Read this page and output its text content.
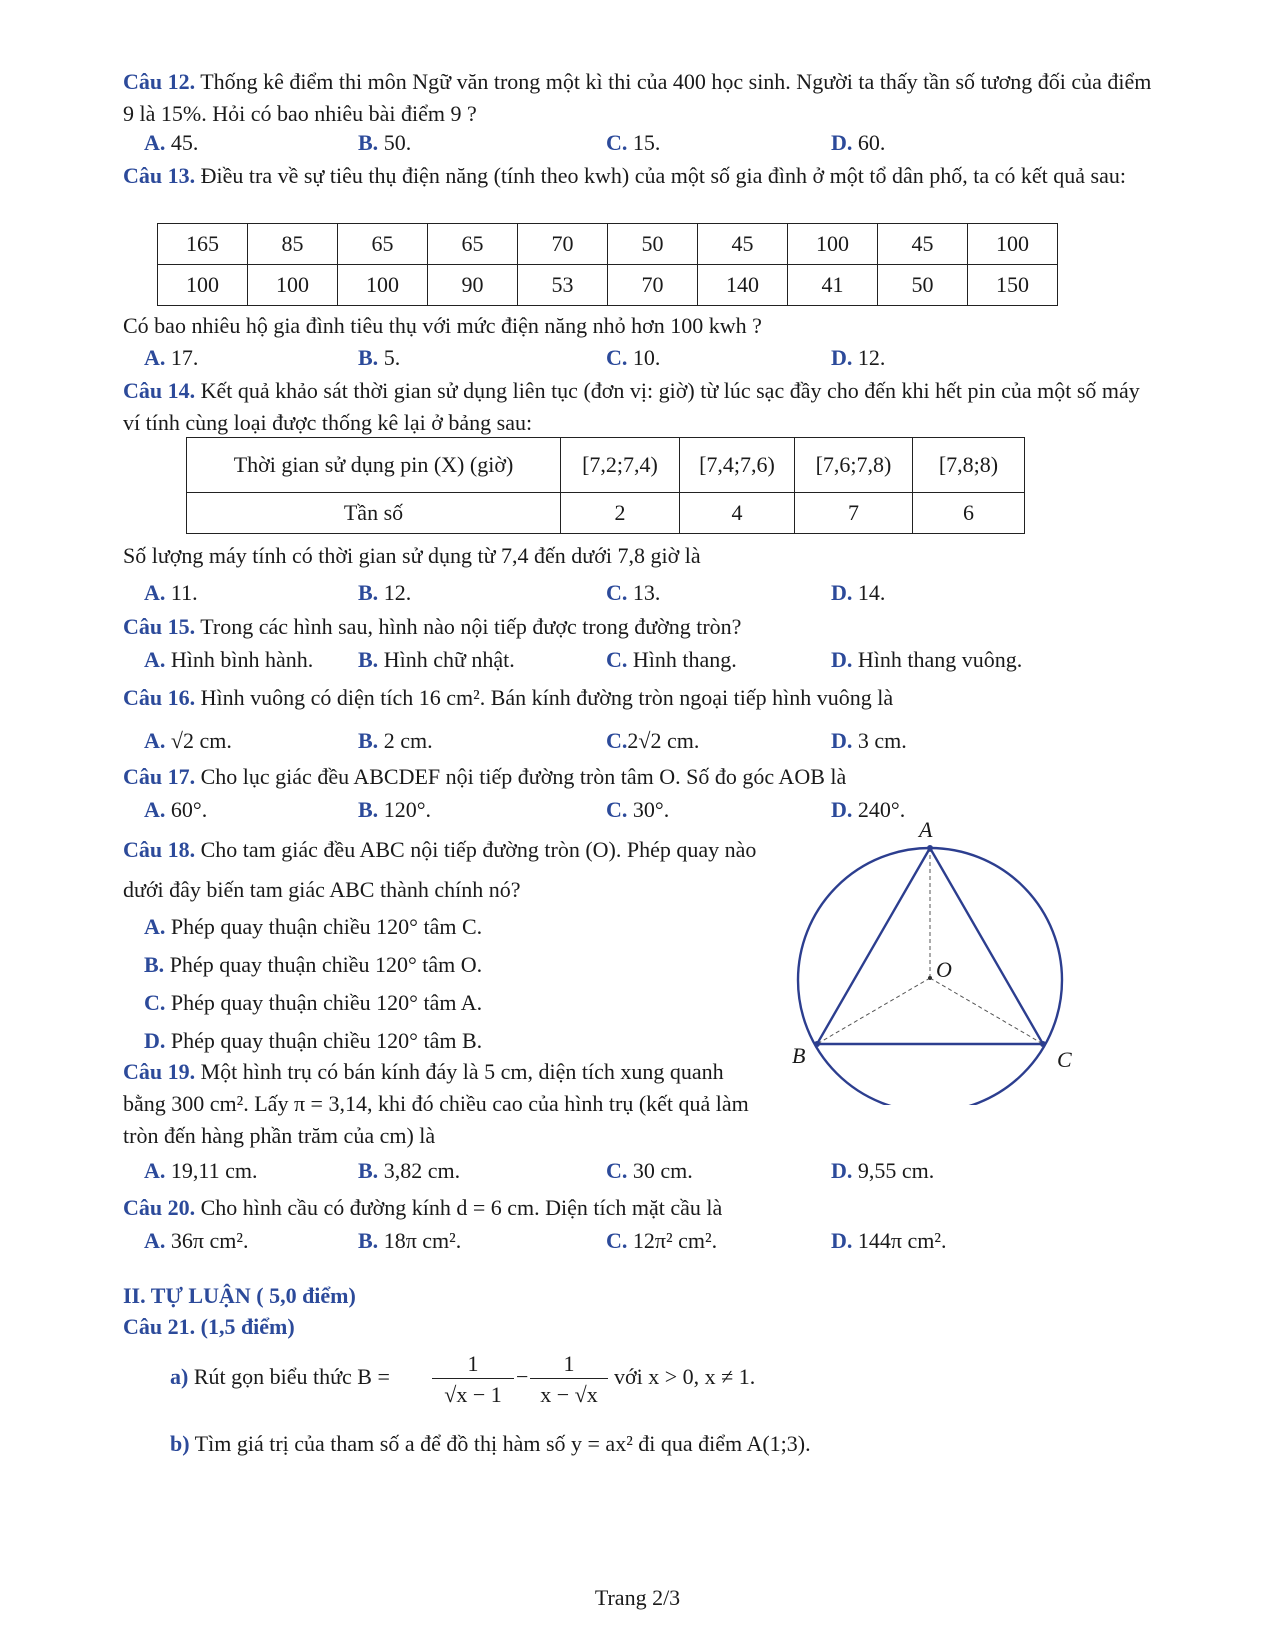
Câu 12. Thống kê điểm thi môn Ngữ văn trong một kì thi của 400 học sinh. Người ta thấy tần số tương đối của điểm 9 là 15%. Hỏi có bao nhiêu bài điểm 9 ?
A. 45.	B. 50.	C. 15.	D. 60.
Câu 13. Điều tra về sự tiêu thụ điện năng (tính theo kwh) của một số gia đình ở một tổ dân phố, ta có kết quả sau:
165	85	65	65	70	50	45	100	45	100
100	100	100	90	53	70	140	41	50	150
Có bao nhiêu hộ gia đình tiêu thụ với mức điện năng nhỏ hơn 100 kwh ?
A. 17.	B. 5.	C. 10.	D. 12.
Câu 14. Kết quả khảo sát thời gian sử dụng liên tục (đơn vị: giờ) từ lúc sạc đầy cho đến khi hết pin của một số máy ví tính cùng loại được thống kê lại ở bảng sau:
Thời gian sử dụng pin (X) (giờ)	[7,2;7,4)	[7,4;7,6)	[7,6;7,8)	[7,8;8)
Tần số	2	4	7	6
Số lượng máy tính có thời gian sử dụng từ 7,4 đến dưới 7,8 giờ là
A. 11.	B. 12.	C. 13.	D. 14.
Câu 15. Trong các hình sau, hình nào nội tiếp được trong đường tròn?
A. Hình bình hành. B. Hình chữ nhật.	C. Hình thang.	D. Hình thang vuông.
Câu 16. Hình vuông có diện tích 16 cm². Bán kính đường tròn ngoại tiếp hình vuông là
A. √2 cm.	B. 2 cm.	C.2√2 cm.	D. 3 cm.
Câu 17. Cho lục giác đều ABCDEF nội tiếp đường tròn tâm O. Số đo góc AOB là
A. 60°.	B. 120°.	C. 30°.	D. 240°.
Câu 18. Cho tam giác đều ABC nội tiếp đường tròn (O). Phép quay nào dưới đây biến tam giác ABC thành chính nó?
A. Phép quay thuận chiều 120° tâm C.
B. Phép quay thuận chiều 120° tâm O.
C. Phép quay thuận chiều 120° tâm A.
D. Phép quay thuận chiều 120° tâm B.
A
B	C
O
Câu 19. Một hình trụ có bán kính đáy là 5 cm, diện tích xung quanh bằng 300 cm². Lấy π = 3,14, khi đó chiều cao của hình trụ (kết quả làm tròn đến hàng phần trăm của cm) là
A. 19,11 cm.	B. 3,82 cm.	C. 30 cm.	D. 9,55 cm.
Câu 20. Cho hình cầu có đường kính d = 6 cm. Diện tích mặt cầu là
A. 36π cm².	B. 18π cm².	C. 12π² cm².	D. 144π cm².
II. TỰ LUẬN ( 5,0 điểm)
Câu 21. (1,5 điểm)
a) Rút gọn biểu thức B =
1
√x − 1
−
1
x − √x
với x > 0, x ≠ 1.
b) Tìm giá trị của tham số a để đồ thị hàm số y = ax² đi qua điểm A(1;3).
Trang 2/3
